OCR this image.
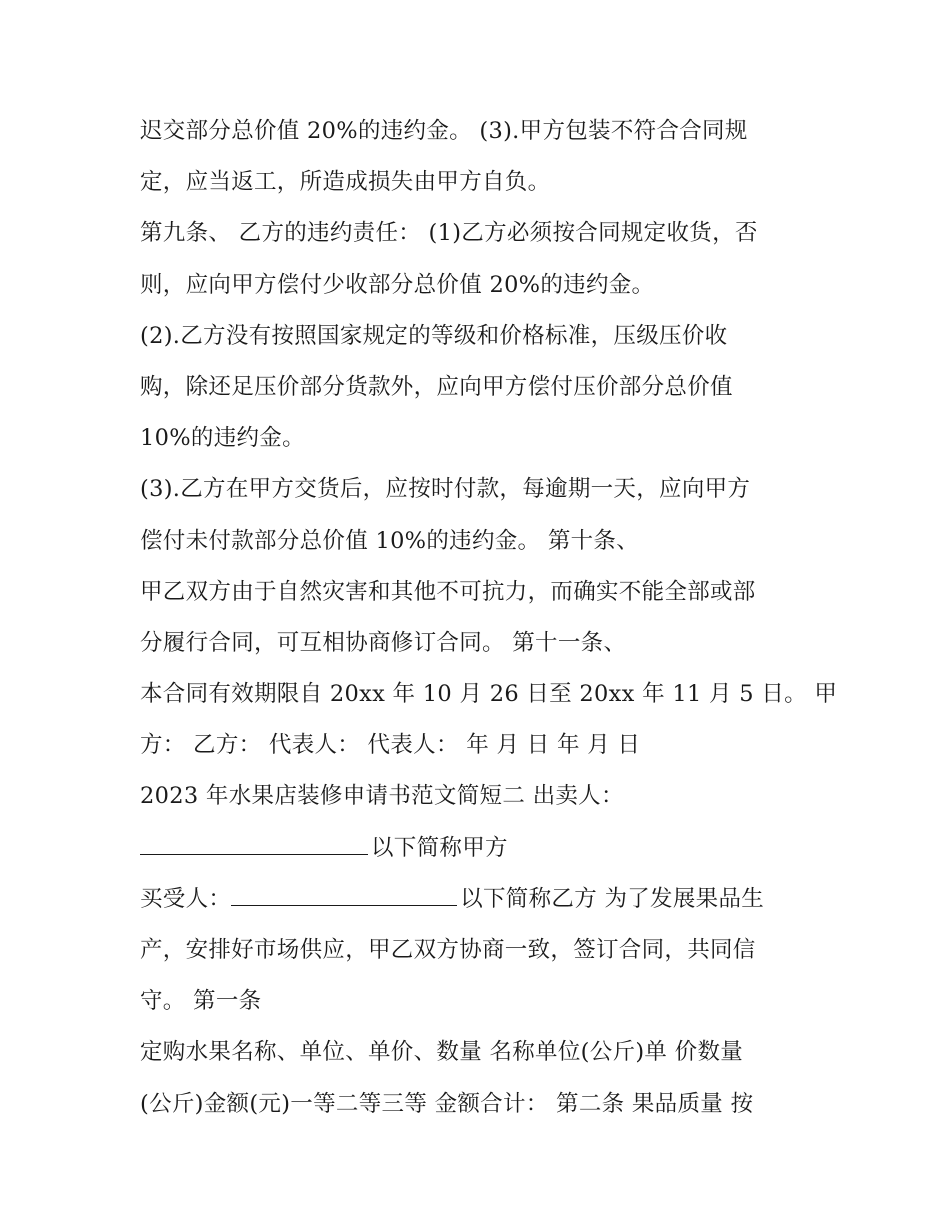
迟交部分总价值 20%的违约金。 (3).甲方包装不符合合同规
定，应当返工，所造成损失由甲方自负。
第九条、 乙方的违约责任： (1)乙方必须按合同规定收货，否
则，应向甲方偿付少收部分总价值 20%的违约金。
(2).乙方没有按照国家规定的等级和价格标准，压级压价收
购，除还足压价部分货款外，应向甲方偿付压价部分总价值
10%的违约金。
(3).乙方在甲方交货后，应按时付款，每逾期一天，应向甲方
偿付未付款部分总价值 10%的违约金。 第十条、
甲乙双方由于自然灾害和其他不可抗力，而确实不能全部或部
分履行合同，可互相协商修订合同。 第十一条、
本合同有效期限自 20xx 年 10 月 26 日至 20xx 年 11 月 5 日。 甲
方： 乙方： 代表人： 代表人： 年 月 日 年 月 日
2023 年水果店装修申请书范文简短二 出卖人：
以下简称甲方
买受人：	以下简称乙方 为了发展果品生
产，安排好市场供应，甲乙双方协商一致，签订合同，共同信
守。 第一条
定购水果名称、单位、单价、数量 名称单位(公斤)单 价数量
(公斤)金额(元)一等二等三等 金额合计： 第二条 果品质量 按
